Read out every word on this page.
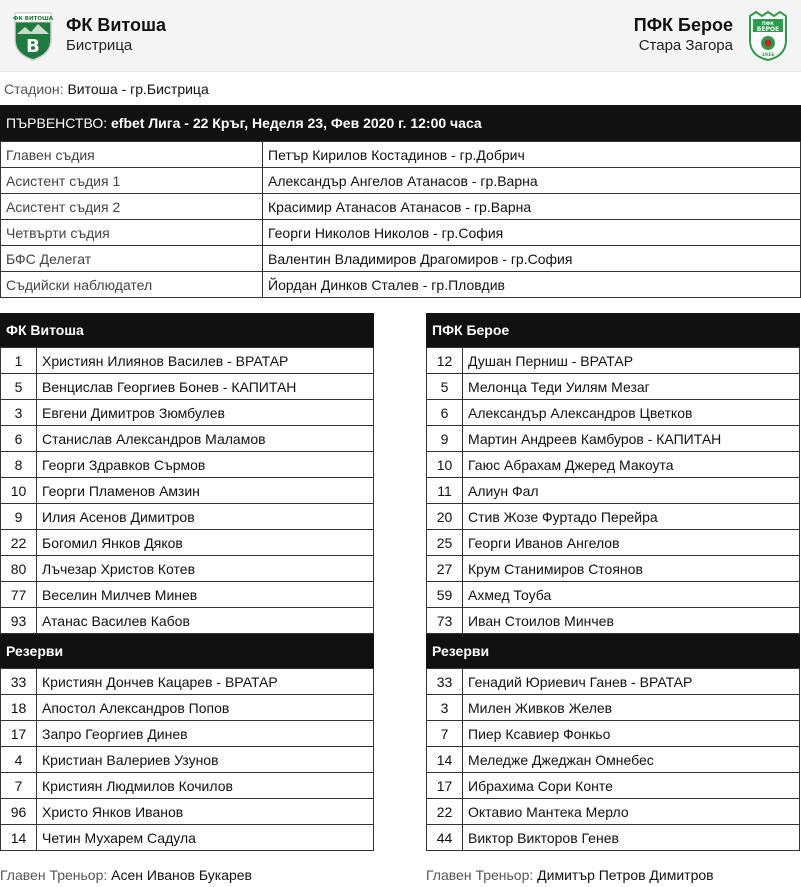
ФК ВИТОША
В
ФК Витоша
Бистрица
ПФК Берое
Стара Загора
ПФК
БЕРОЕ
1916
Стадион: Витоша - гр.Бистрица
ПЪРВЕНСТВО: efbet Лига - 22 Кръг, Неделя 23, Фев 2020 г. 12:00 часа
Главен съдия	Петър Кирилов Костадинов - гр.Добрич
Асистент съдия 1	Александър Ангелов Атанасов - гр.Варна
Асистент съдия 2	Красимир Атанасов Атанасов - гр.Варна
Четвърти съдия	Георги Николов Николов - гр.София
БФС Делегат	Валентин Владимиров Драгомиров - гр.София
Съдийски наблюдател	Йордан Динков Сталев - гр.Пловдив
ФК Витоша
1	Християн Илиянов Василев - ВРАТАР
5	Венцислав Георгиев Бонев - КАПИТАН
3	Евгени Димитров Зюмбулев
6	Станислав Александров Маламов
8	Георги Здравков Сърмов
10	Георги Пламенов Амзин
9	Илия Асенов Димитров
22	Богомил Янков Дяков
80	Лъчезар Христов Котев
77	Веселин Милчев Минев
93	Атанас Василев Кабов
Резерви
33	Кристиян Дончев Кацарев - ВРАТАР
18	Апостол Александров Попов
17	Запро Георгиев Динев
4	Кристиан Валериев Узунов
7	Кристиян Людмилов Кочилов
96	Христо Янков Иванов
14	Четин Мухарем Садула
ПФК Берое
12	Душан Перниш - ВРАТАР
5	Мелонца Теди Уилям Мезаг
6	Александър Александров Цветков
9	Мартин Андреев Камбуров - КАПИТАН
10	Гаюс Абрахам Джеред Макоута
11	Алиун Фал
20	Стив Жозе Фуртадо Перейра
25	Георги Иванов Ангелов
27	Крум Станимиров Стоянов
59	Ахмед Тоуба
73	Иван Стоилов Минчев
Резерви
33	Генадий Юриевич Ганев - ВРАТАР
3	Милен Живков Желев
7	Пиер Ксавиер Фонкьо
14	Меледже Джеджан Омнебес
17	Ибрахима Сори Конте
22	Октавио Мантека Мерло
44	Виктор Викторов Генев
Главен Треньор: Асен Иванов Букарев	Главен Треньор: Димитър Петров Димитров
